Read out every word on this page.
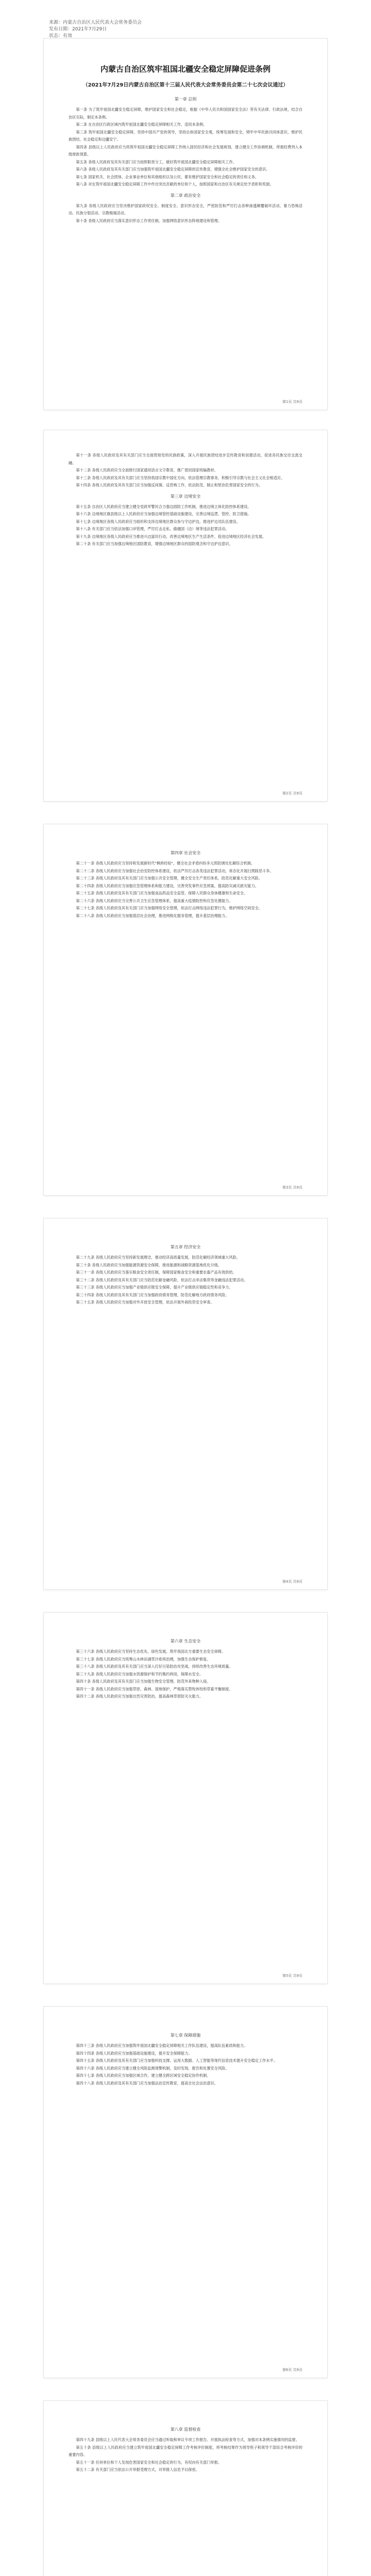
来源：内蒙古自治区人民代表大会常务委员会
发布日期：2021年7月29日
状态：有效
内蒙古自治区筑牢祖国北疆安全稳定屏障促进条例
（2021年7月29日内蒙古自治区第十三届人民代表大会常务委员会第二十七次会议通过）
第一章 总则
第一条 为了筑牢祖国北疆安全稳定屏障，维护国家安全和社会稳定，根据《中华人民共和国国家安全法》等有关法律、行政法规，结合自治区实际，制定本条例。
第二条 在自治区行政区域内筑牢祖国北疆安全稳定屏障相关工作，适用本条例。
第三条 筑牢祖国北疆安全稳定屏障，坚持中国共产党的领导，坚持总体国家安全观，统筹发展和安全，铸牢中华民族共同体意识，维护民族团结、社会稳定和边疆安宁。
第四条 县级以上人民政府应当将筑牢祖国北疆安全稳定屏障工作纳入国民经济和社会发展规划，建立健全工作协调机制，所需经费列入本级财政预算。
第五条 各级人民政府及其有关部门应当按照职责分工，做好筑牢祖国北疆安全稳定屏障相关工作。
第六条 各级人民政府及其有关部门应当加强筑牢祖国北疆安全稳定屏障的宣传教育，增强全社会维护国家安全的意识。
第七条 国家机关、社会团体、企业事业单位和其他组织以及公民，都有维护国家安全和社会稳定的责任和义务。
第八条 对在筑牢祖国北疆安全稳定屏障工作中作出突出贡献的单位和个人，按照国家和自治区有关规定给予表彰和奖励。
第二章 政治安全
第九条 各级人民政府应当坚决维护国家政权安全、制度安全、意识形态安全，严密防范和严厉打击各种渗透颠覆破坏活动、暴力恐怖活动、民族分裂活动、宗教极端活动。
第十条 各级人民政府应当落实意识形态工作责任制，加强网络意识形态阵地建设和管理。
第1页 共9页
第十一条 各级人民政府及其有关部门应当全面贯彻党的民族政策，深入开展民族团结进步宣传教育和创建活动，促进各民族交往交流交融。
第十二条 各级人民政府应当全面推行国家通用语言文字教育，推广使用国家统编教材。
第十三条 各级人民政府及其有关部门应当坚持我国宗教中国化方向，依法管理宗教事务，积极引导宗教与社会主义社会相适应。
第十四条 各级人民政府及其有关部门应当加强反间谍、反恐怖工作，依法防范、制止和惩治危害国家安全的行为。
第三章 边境安全
第十五条 自治区人民政府应当建立健全党政军警民合力强边固防工作机制，推进边境立体化防控体系建设。
第十六条 边境地区旗县级以上人民政府应当加强边境管控基础设施建设，完善边境巡逻、管控、防卫措施。
第十七条 边境地区各级人民政府应当组织和支持边境地区群众参与守边护边，推进护边员队伍建设。
第十八条 有关部门应当依法加强口岸管理，严厉打击走私、偷越国（边）境等违法犯罪活动。
第十九条 边境地区各级人民政府应当推进兴边富民行动，改善边境地区生产生活条件，促进边境地区经济社会发展。
第二十条 有关部门应当加强边境地区国防教育，增强边境地区群众的国防观念和守边护边意识。
第2页 共9页
第四章 社会安全
第二十一条 各级人民政府应当坚持和发展新时代"枫桥经验"，健全社会矛盾纠纷多元预防调处化解综合机制。
第二十二条 各级人民政府应当加强社会治安防控体系建设，依法严厉打击各类违法犯罪活动，常态化开展扫黑除恶斗争。
第二十三条 各级人民政府及其有关部门应当加强公共安全管理，健全安全生产责任体系，防范化解重大安全风险。
第二十四条 各级人民政府应当加强应急管理体系和能力建设，完善突发事件应急预案，提高防灾减灾救灾能力。
第二十五条 各级人民政府及其有关部门应当加强食品药品安全监管，保障人民群众身体健康和生命安全。
第二十六条 各级人民政府应当完善公共卫生应急管理体系，提高重大疫情防控和应急处置能力。
第二十七条 各级人民政府及其有关部门应当加强网络安全管理，依法打击网络违法犯罪行为，维护网络空间安全。
第二十八条 各级人民政府应当加强基层社会治理，推进网格化服务管理，提升基层治理能力。
第3页 共9页
第五章 经济安全
第二十九条 各级人民政府应当坚持新发展理念，推动经济高质量发展，防范化解经济领域重大风险。
第三十条 各级人民政府应当加强能源资源安全保障，推进能源和战略资源基地优化升级。
第三十一条 各级人民政府应当落实粮食安全责任制，保障国家粮食安全和重要农畜产品有效供给。
第三十二条 各级人民政府及其有关部门应当防范化解金融风险，依法打击非法集资等金融违法犯罪活动。
第三十三条 各级人民政府应当加强产业链供应链安全保障，提升产业链供应链稳定性和竞争力。
第三十四条 各级人民政府及其有关部门应当加强政府债务管理，防范化解地方政府债务风险。
第三十五条 各级人民政府应当加强对外开放安全管理，依法开展外商投资安全审查。
第4页 共9页
第六章 生态安全
第三十六条 各级人民政府应当坚持生态优先、绿色发展，筑牢我国北方重要生态安全屏障。
第三十七条 各级人民政府应当统筹山水林田湖草沙系统治理，加强生态保护修复。
第三十八条 各级人民政府及其有关部门应当深入打好污染防治攻坚战，持续改善生态环境质量。
第三十九条 各级人民政府应当加强水资源保护和节约集约利用，保障水安全。
第四十条 各级人民政府及其有关部门应当加强生物安全管理，防范外来物种入侵。
第四十一条 各级人民政府应当加强草原、森林、湿地保护，严格落实禁牧休牧和草畜平衡制度。
第四十二条 各级人民政府应当加强自然灾害防治，提高森林草原防灭火能力。
第5页 共9页
第七章 保障措施
第四十三条 各级人民政府应当加强筑牢祖国北疆安全稳定屏障相关工作队伍建设，提高队伍素质和能力。
第四十四条 各级人民政府应当加强基础设施建设，提升安全保障能力。
第四十五条 各级人民政府及其有关部门应当加强科技支撑，运用大数据、人工智能等现代信息技术提升安全稳定工作水平。
第四十六条 各级人民政府应当建立健全风险监测预警机制，及时发现、报告和处置安全风险。
第四十七条 各级人民政府应当加强区域合作，建立健全跨区域安全稳定协作机制。
第四十八条 各级人民政府及其有关部门应当加强法治宣传教育，提高全社会法治意识。
第6页 共9页
第八章 监督检查
第四十九条 县级以上人民代表大会常务委员会应当通过听取和审议专项工作报告、开展执法检查等方式，加强对本条例实施情况的监督。
第五十条 县级以上人民政府应当建立筑牢祖国北疆安全稳定屏障工作考核评价制度，将考核结果作为领导班子和领导干部综合考核评价的重要内容。
第五十一条 任何单位和个人发现危害国家安全和社会稳定的行为，有权向有关部门举报。
第五十二条 有关部门应当依法公开举报受理方式，对举报人信息予以保密。
